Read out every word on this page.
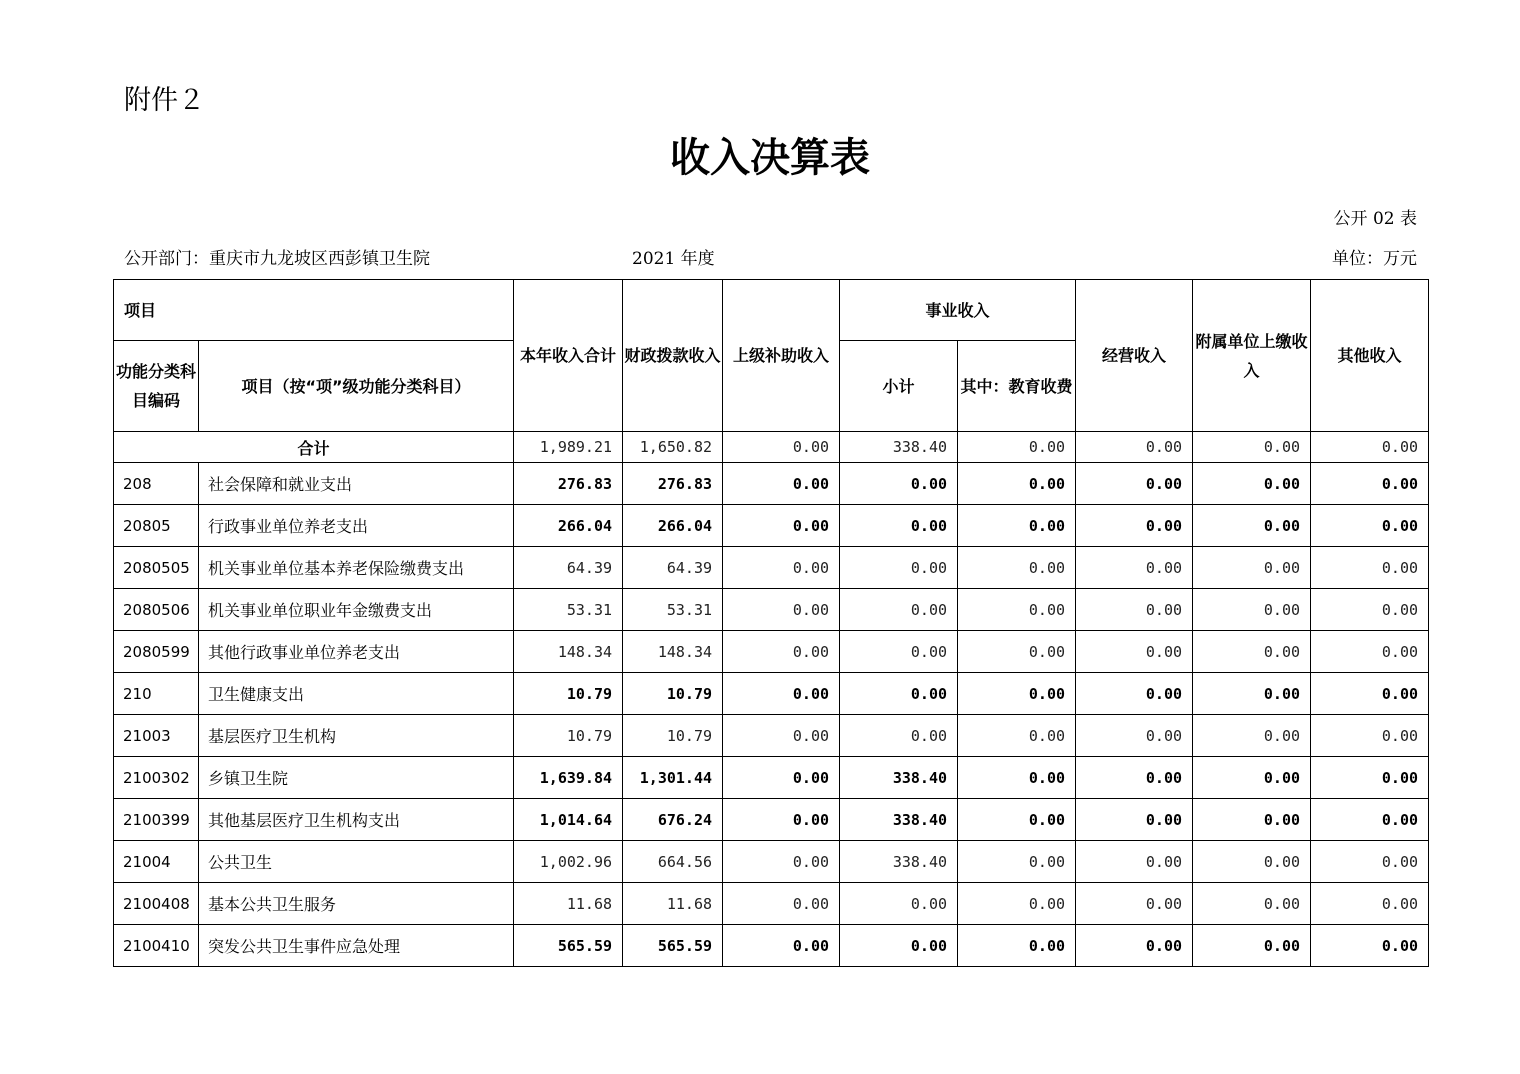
附件２
收入决算表
公开 02 表
公开部门：重庆市九龙坡区西彭镇卫生院	2021 年度	单位：万元
项目		本年收入合计	财政拨款收入	上级补助收入	事业收入		经营收入	附属单位上缴收入	其他收入
功能分类科目编码	项目（按“项”级功能分类科目）								
					小计	其中：教育收费			
合计		1,989.21	1,650.82	0.00	338.40	0.00	0.00	0.00	0.00
208	社会保障和就业支出	276.83	276.83	0.00	0.00	0.00	0.00	0.00	0.00
20805	行政事业单位养老支出	266.04	266.04	0.00	0.00	0.00	0.00	0.00	0.00
2080505	机关事业单位基本养老保险缴费支出	64.39	64.39	0.00	0.00	0.00	0.00	0.00	0.00
2080506	机关事业单位职业年金缴费支出	53.31	53.31	0.00	0.00	0.00	0.00	0.00	0.00
2080599	其他行政事业单位养老支出	148.34	148.34	0.00	0.00	0.00	0.00	0.00	0.00
210	卫生健康支出	10.79	10.79	0.00	0.00	0.00	0.00	0.00	0.00
21003	基层医疗卫生机构	10.79	10.79	0.00	0.00	0.00	0.00	0.00	0.00
2100302	乡镇卫生院	1,639.84	1,301.44	0.00	338.40	0.00	0.00	0.00	0.00
2100399	其他基层医疗卫生机构支出	1,014.64	676.24	0.00	338.40	0.00	0.00	0.00	0.00
21004	公共卫生	1,002.96	664.56	0.00	338.40	0.00	0.00	0.00	0.00
2100408	基本公共卫生服务	11.68	11.68	0.00	0.00	0.00	0.00	0.00	0.00
2100410	突发公共卫生事件应急处理	565.59	565.59	0.00	0.00	0.00	0.00	0.00	0.00
